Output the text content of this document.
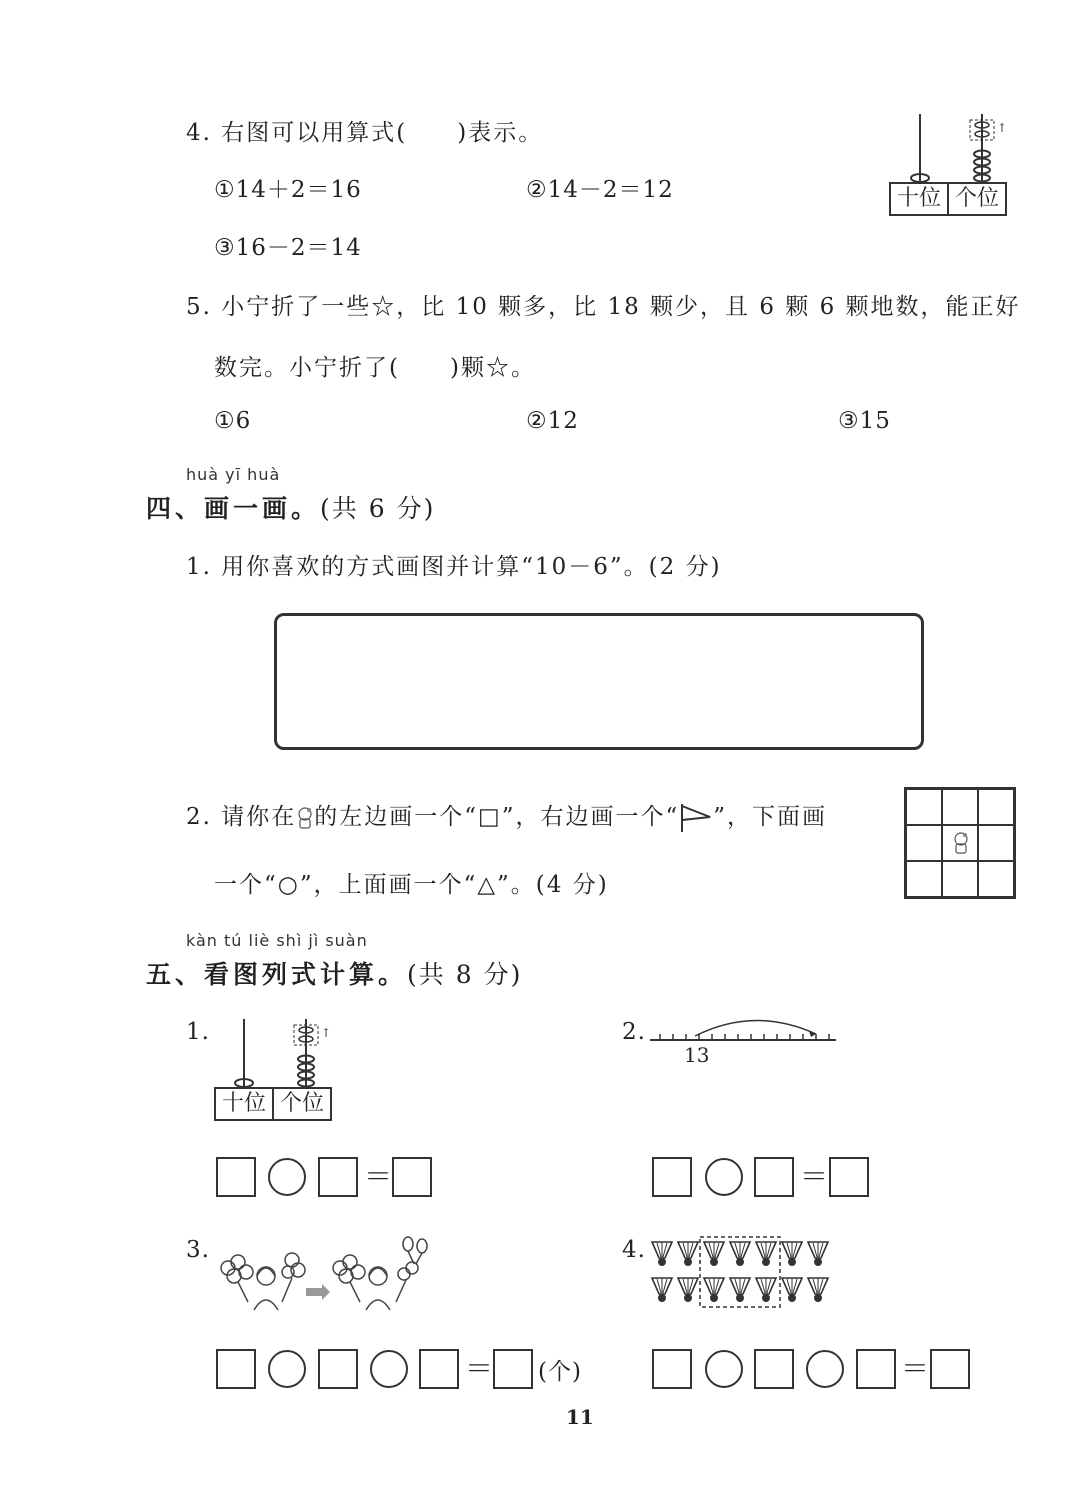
4. 右图可以用算式(　　)表示。
①14＋2＝16	②14－2＝12
③16－2＝14
↑
十位 个位
5. 小宁折了一些☆，比 10 颗多，比 18 颗少，且 6 颗 6 颗地数，能正好
数完。小宁折了(　　)颗☆。
①6	②12	③15
huà yī huà
四、画一画。(共 6 分)
1. 用你喜欢的方式画图并计算“10－6”。(2 分)
2. 请你在 的左边画一个“□”，右边画一个“ ”，下面画
一个“○”，上面画一个“△”。(4 分)
kàn tú liè shì jì suàn
五、看图列式计算。(共 8 分)
1.	↑
十位 个位
＝
2.
13
＝
3.
＝ (个)
4.
＝
11
